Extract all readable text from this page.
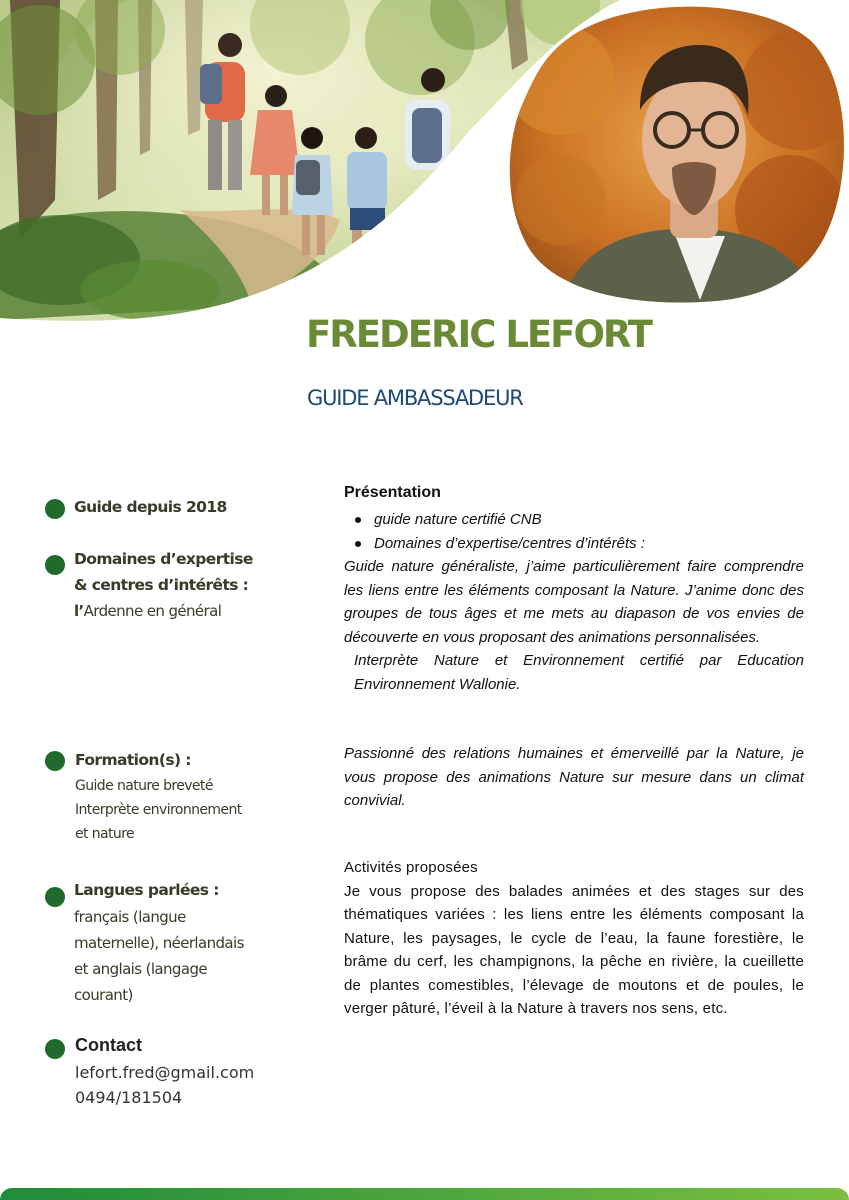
FREDERIC LEFORT
GUIDE AMBASSADEUR
Guide depuis 2018
Domaines d’expertise
& centres d’intérêts :
l’Ardenne en général
Formation(s) :
Guide nature breveté
Interprète environnement
et nature
Langues parlées :
français (langue
maternelle), néerlandais
et anglais (langage
courant)
Contact
lefort.fred@gmail.com
0494/181504
Présentation
guide nature certifié CNB
Domaines d’expertise/centres d’intérêts :

Guide nature généraliste, j’aime particulièrement faire comprendre les liens entre les éléments composant la Nature. J’anime donc des groupes de tous âges et me mets au diapason de vos envies de découverte en vous proposant des animations personnalisées.

Interprète Nature et Environnement certifié par Education Environnement Wallonie.

Passionné des relations humaines et émerveillé par la Nature, je vous propose des animations Nature sur mesure dans un climat convivial.

Activités proposées

Je vous propose des balades animées et des stages sur des thématiques variées : les liens entre les éléments composant la Nature, les paysages, le cycle de l’eau, la faune forestière, le brâme du cerf, les champignons, la pêche en rivière, la cueillette de plantes comestibles, l’élevage de moutons et de poules, le verger pâturé, l’éveil à la Nature à travers nos sens, etc.
